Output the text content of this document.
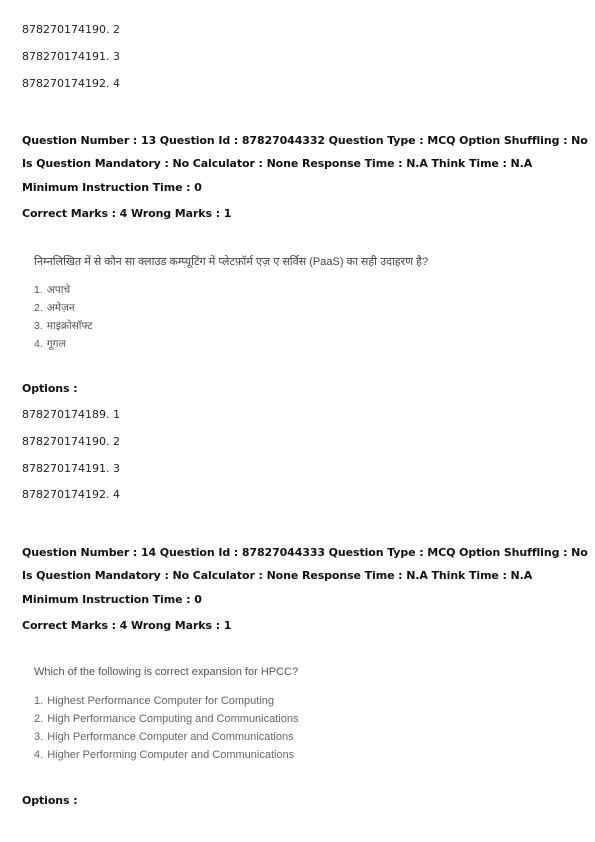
878270174190. 2
878270174191. 3
878270174192. 4
Question Number : 13 Question Id : 87827044332 Question Type : MCQ Option Shuffling : No
Is Question Mandatory : No Calculator : None Response Time : N.A Think Time : N.A
Minimum Instruction Time : 0
Correct Marks : 4 Wrong Marks : 1
निम्नलिखित में से कौन सा क्लाउड कम्प्यूटिंग में प्लेटफ़ॉर्म एज़ ए सर्विस (PaaS) का सही उदाहरण है?
1. अपाचे
2. अमेज़न
3. माइक्रोसॉफ्ट
4. गूगल
Options :
878270174189. 1
878270174190. 2
878270174191. 3
878270174192. 4
Question Number : 14 Question Id : 87827044333 Question Type : MCQ Option Shuffling : No
Is Question Mandatory : No Calculator : None Response Time : N.A Think Time : N.A
Minimum Instruction Time : 0
Correct Marks : 4 Wrong Marks : 1
Which of the following is correct expansion for HPCC?
1. Highest Performance Computer for Computing
2. High Performance Computing and Communications
3. High Performance Computer and Communications
4. Higher Performing Computer and Communications
Options :
